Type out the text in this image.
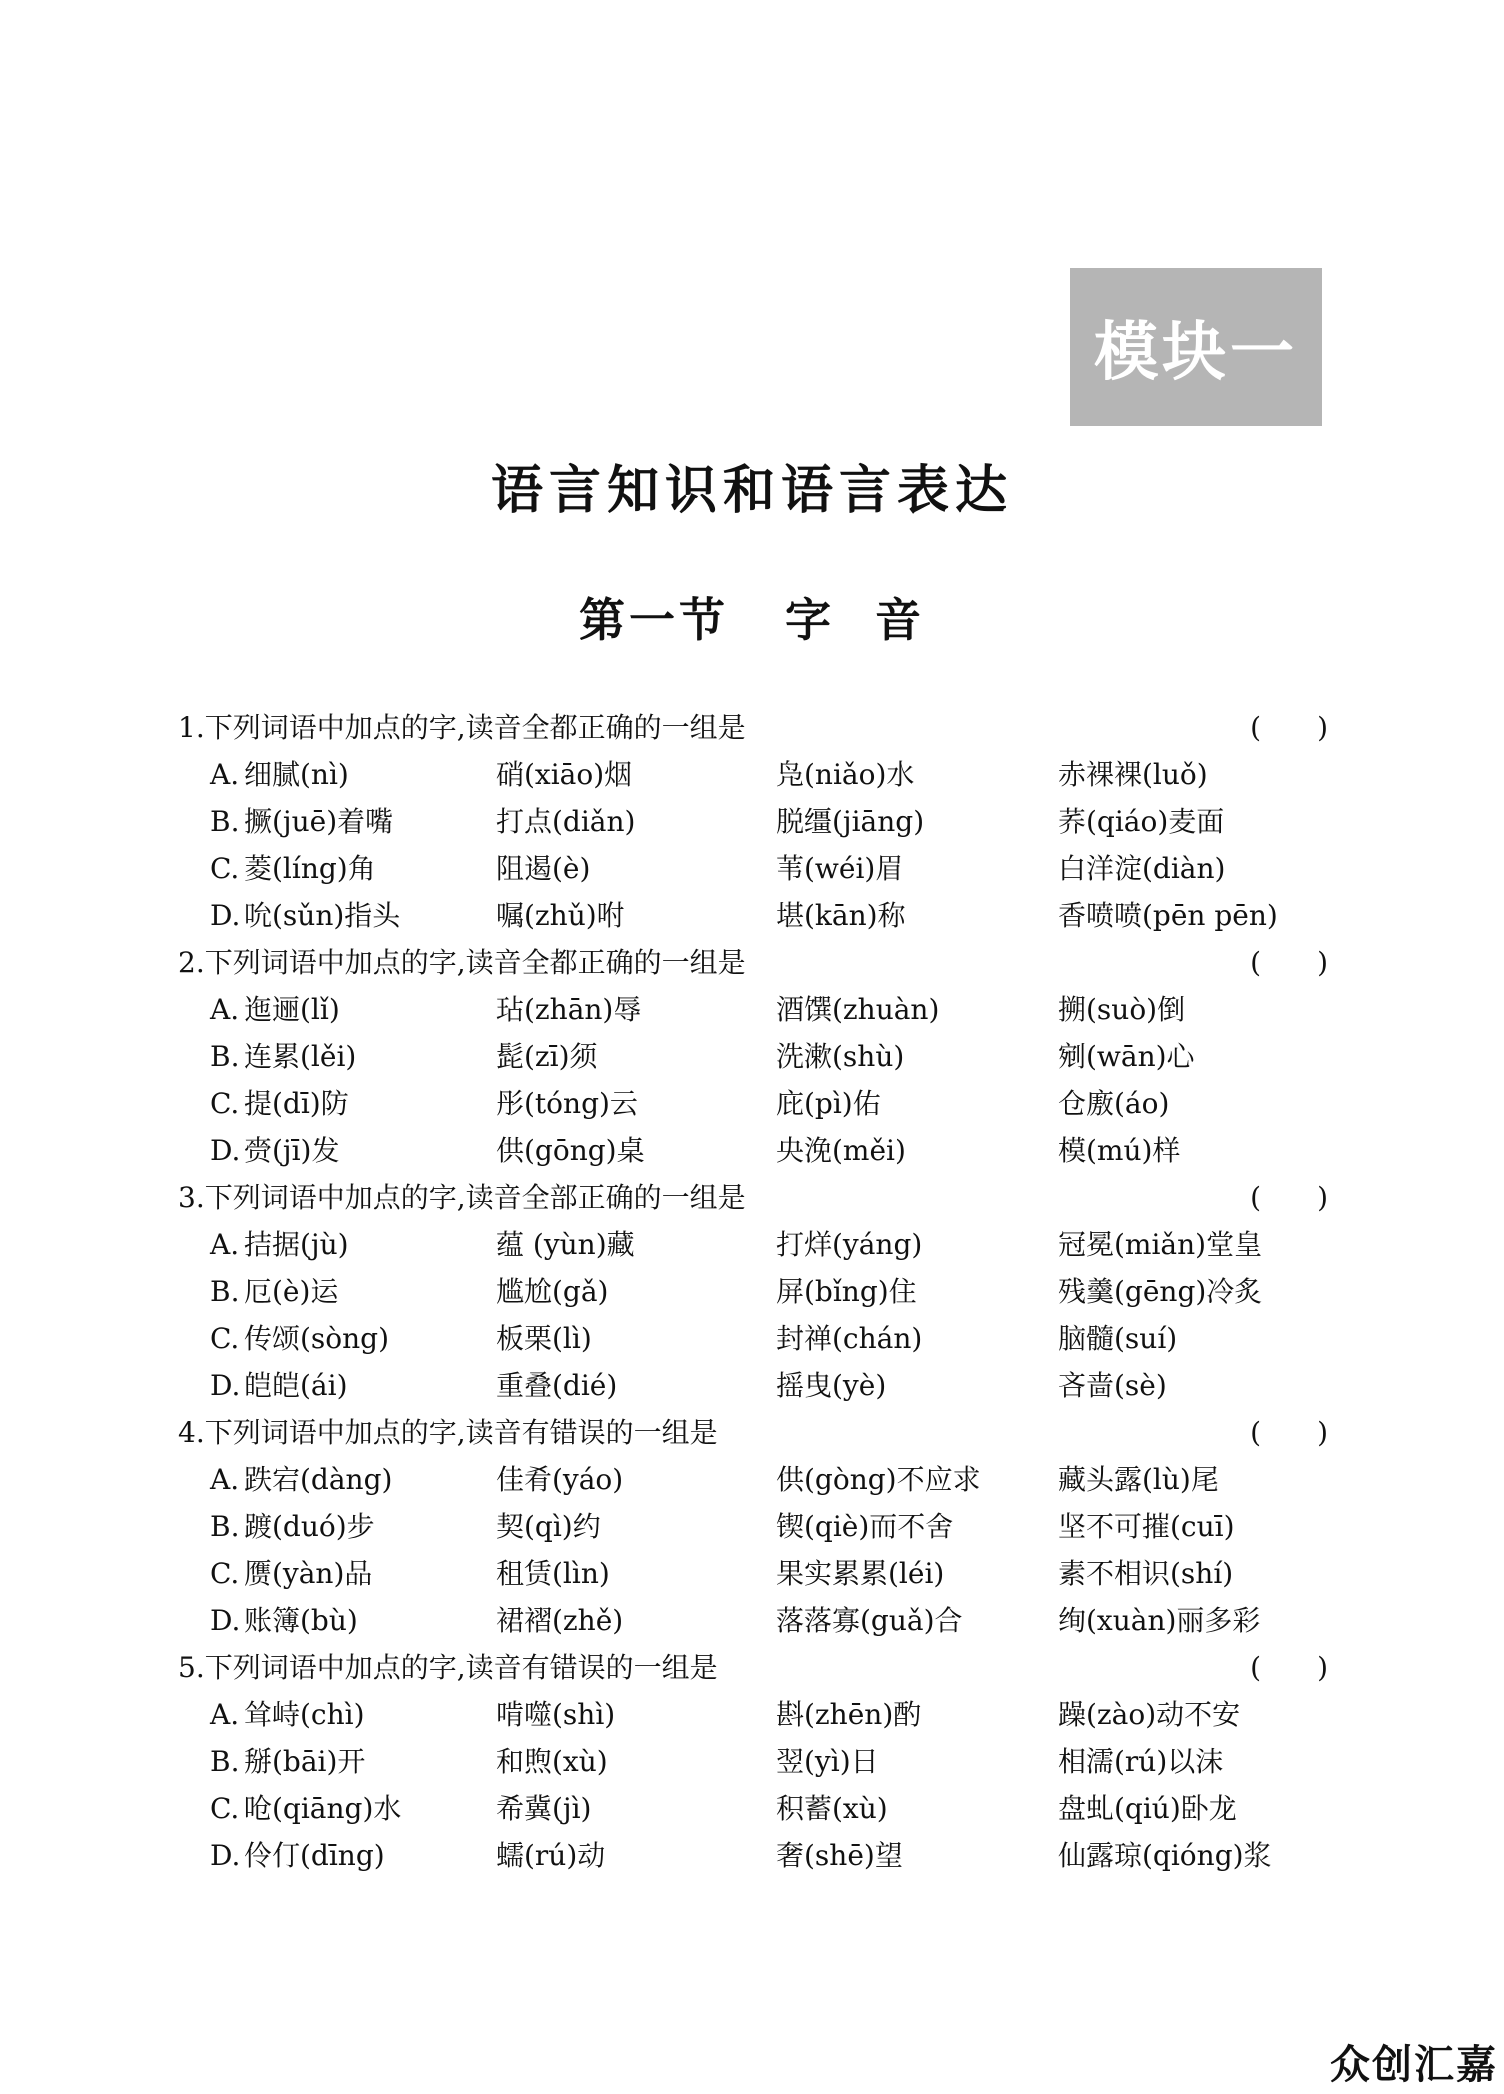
模块一
语言知识和语言表达
第一节 字 音
1.下列词语中加点的字,读音全都正确的一组是	(　　)
A. 细腻(nì)	硝(xiāo)烟	凫(niǎo)水	赤裸裸(luǒ)
B. 撅(juē)着嘴	打点(diǎn)	脱缰(jiāng)	荞(qiáo)麦面
C. 菱(líng)角	阻遏(è)	苇(wéi)眉	白洋淀(diàn)
D. 吮(sǔn)指头	嘱(zhǔ)咐	堪(kān)称	香喷喷(pēn pēn)
2.下列词语中加点的字,读音全都正确的一组是	(　　)
A. 迤逦(lǐ)	玷(zhān)辱	酒馔(zhuàn)	搠(suò)倒
B. 连累(lěi)	髭(zī)须	洗漱(shù)	剜(wān)心
C. 提(dī)防	彤(tóng)云	庇(pì)佑	仓廒(áo)
D. 赍(jī)发	供(gōng)桌	央浼(měi)	模(mú)样
3.下列词语中加点的字,读音全部正确的一组是	(　　)
A. 拮据(jù)	蕴 (yùn)藏	打烊(yáng)	冠冕(miǎn)堂皇
B. 厄(è)运	尴尬(gǎ)	屏(bǐng)住	残羹(gēng)冷炙
C. 传颂(sòng)	板栗(lì)	封禅(chán)	脑髓(suí)
D. 皑皑(ái)	重叠(dié)	摇曳(yè)	吝啬(sè)
4.下列词语中加点的字,读音有错误的一组是	(　　)
A. 跌宕(dàng)	佳肴(yáo)	供(gòng)不应求	藏头露(lù)尾
B. 踱(duó)步	契(qì)约	锲(qiè)而不舍	坚不可摧(cuī)
C. 赝(yàn)品	租赁(lìn)	果实累累(léi)	素不相识(shí)
D. 账簿(bù)	裙褶(zhě)	落落寡(guǎ)合	绚(xuàn)丽多彩
5.下列词语中加点的字,读音有错误的一组是	(　　)
A. 耸峙(chì)	啃噬(shì)	斟(zhēn)酌	躁(zào)动不安
B. 掰(bāi)开	和煦(xù)	翌(yì)日	相濡(rú)以沫
C. 呛(qiāng)水	希冀(jì)	积蓄(xù)	盘虬(qiú)卧龙
D. 伶仃(dīng)	蠕(rú)动	奢(shē)望	仙露琼(qióng)浆
众创汇嘉
